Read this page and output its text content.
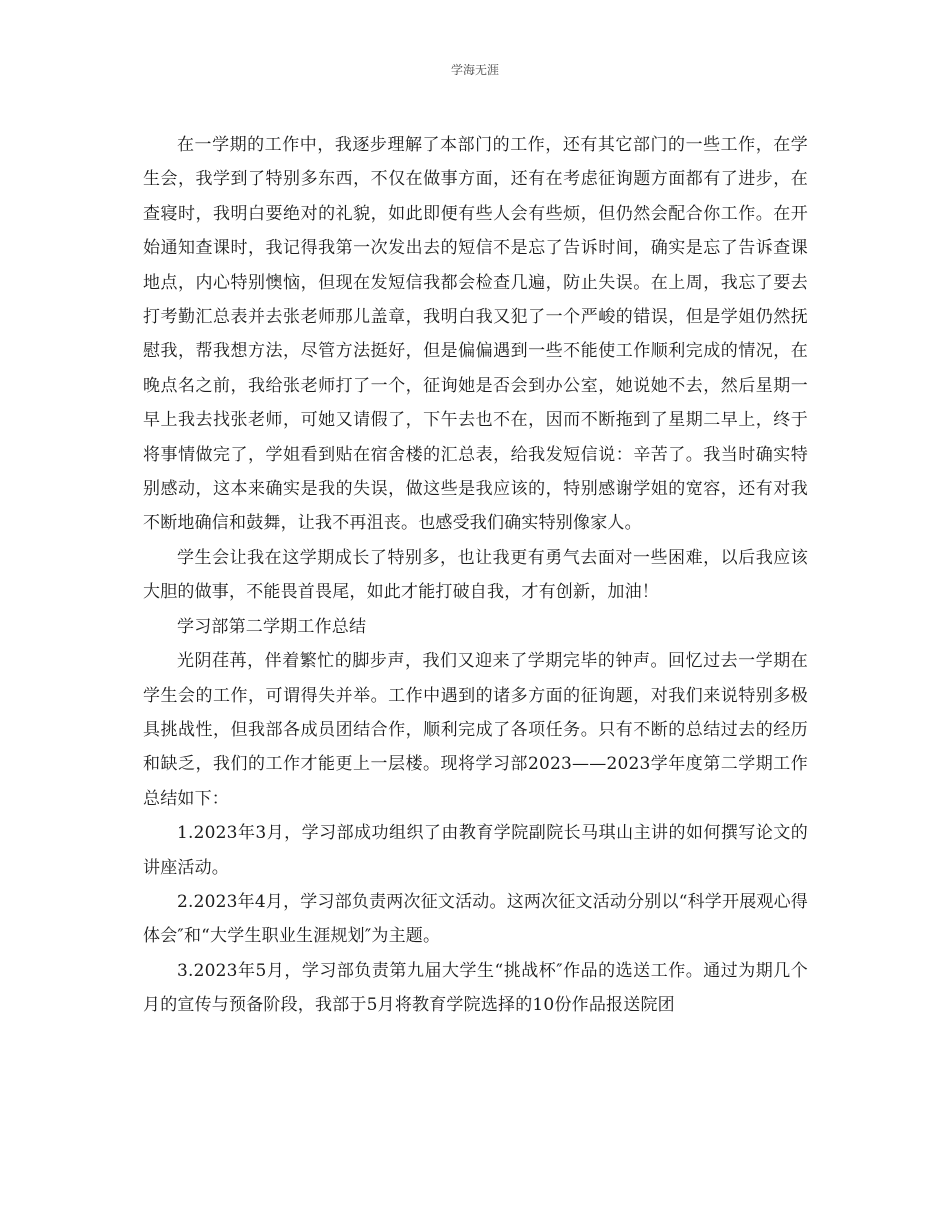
学海无涯

在一学期的工作中，我逐步理解了本部门的工作，还有其它部门的一些工作，在学生会，我学到了特别多东西，不仅在做事方面，还有在考虑征询题方面都有了进步，在查寝时，我明白要绝对的礼貌，如此即便有些人会有些烦，但仍然会配合你工作。在开始通知查课时，我记得我第一次发出去的短信不是忘了告诉时间，确实是忘了告诉查课地点，内心特别懊恼，但现在发短信我都会检查几遍，防止失误。在上周，我忘了要去打考勤汇总表并去张老师那儿盖章，我明白我又犯了一个严峻的错误，但是学姐仍然抚慰我，帮我想方法，尽管方法挺好，但是偏偏遇到一些不能使工作顺利完成的情况，在晚点名之前，我给张老师打了一个，征询她是否会到办公室，她说她不去，然后星期一早上我去找张老师，可她又请假了，下午去也不在，因而不断拖到了星期二早上，终于将事情做完了，学姐看到贴在宿舍楼的汇总表，给我发短信说：辛苦了。我当时确实特别感动，这本来确实是我的失误，做这些是我应该的，特别感谢学姐的宽容，还有对我不断地确信和鼓舞，让我不再沮丧。也感受我们确实特别像家人。

学生会让我在这学期成长了特别多，也让我更有勇气去面对一些困难，以后我应该大胆的做事，不能畏首畏尾，如此才能打破自我，才有创新，加油！

学习部第二学期工作总结

光阴荏苒，伴着繁忙的脚步声，我们又迎来了学期完毕的钟声。回忆过去一学期在学生会的工作，可谓得失并举。工作中遇到的诸多方面的征询题，对我们来说特别多极具挑战性，但我部各成员团结合作，顺利完成了各项任务。只有不断的总结过去的经历和缺乏，我们的工作才能更上一层楼。现将学习部2023——2023学年度第二学期工作总结如下：

1.2023年3月，学习部成功组织了由教育学院副院长马琪山主讲的如何撰写论文的讲座活动。

2.2023年4月，学习部负责两次征文活动。这两次征文活动分别以“科学开展观心得体会″和“大学生职业生涯规划″为主题。

3.2023年5月，学习部负责第九届大学生“挑战杯″作品的选送工作。通过为期几个月的宣传与预备阶段，我部于5月将教育学院选择的10份作品报送院团
